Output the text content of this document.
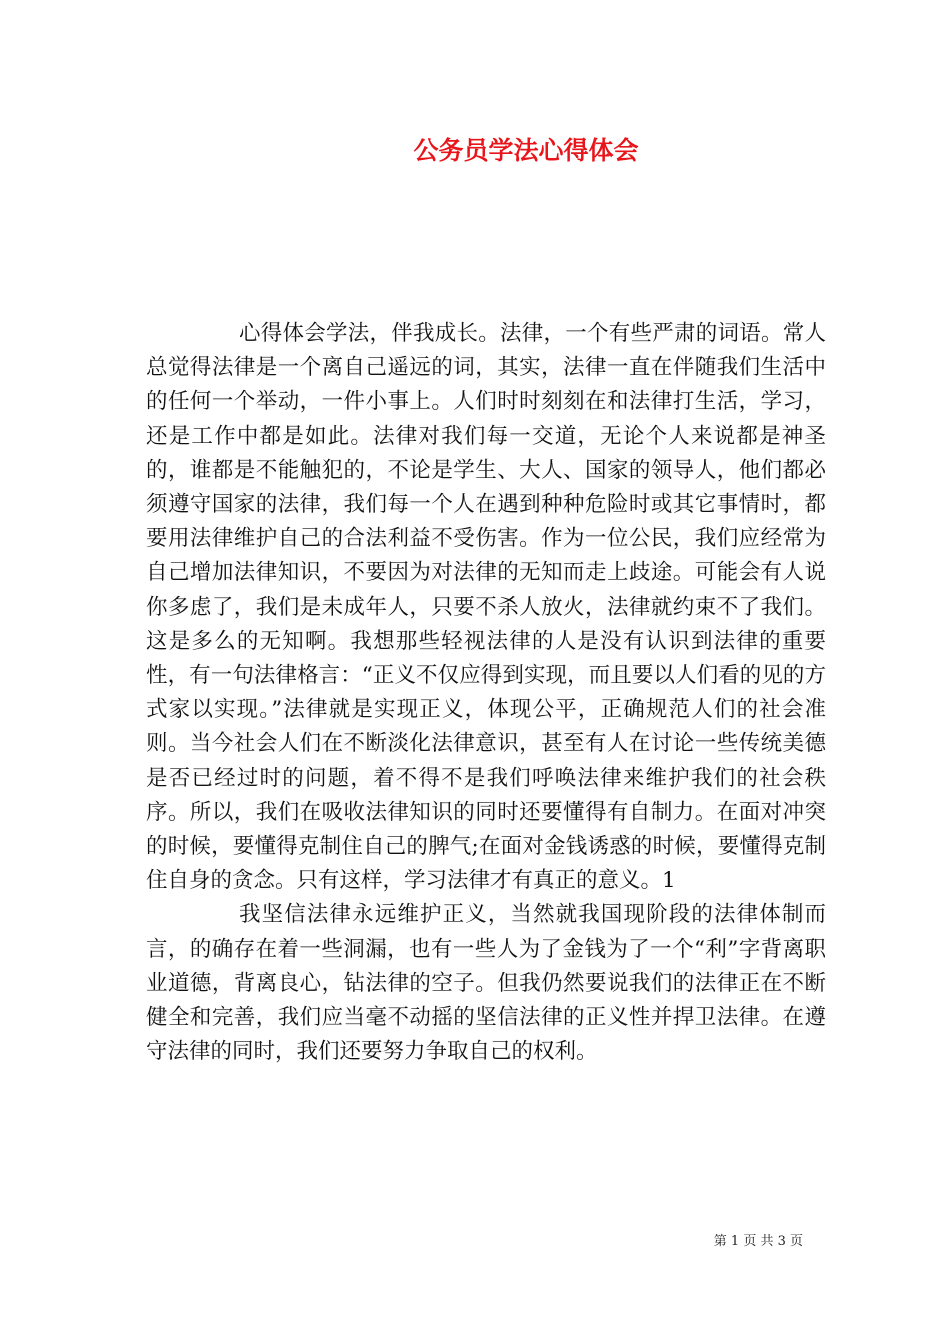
公务员学法心得体会

心得体会学法，伴我成长。法律，一个有些严肃的词语。常人总觉得法律是一个离自己遥远的词，其实，法律一直在伴随我们生活中的任何一个举动，一件小事上。人们时时刻刻在和法律打生活，学习，还是工作中都是如此。法律对我们每一交道，无论个人来说都是神圣的，谁都是不能触犯的，不论是学生、大人、国家的领导人，他们都必须遵守国家的法律，我们每一个人在遇到种种危险时或其它事情时，都要用法律维护自己的合法利益不受伤害。作为一位公民，我们应经常为自己增加法律知识，不要因为对法律的无知而走上歧途。可能会有人说你多虑了，我们是未成年人，只要不杀人放火，法律就约束不了我们。这是多么的无知啊。我想那些轻视法律的人是没有认识到法律的重要性，有一句法律格言：“正义不仅应得到实现，而且要以人们看的见的方式家以实现。”法律就是实现正义，体现公平，正确规范人们的社会准则。当今社会人们在不断淡化法律意识，甚至有人在讨论一些传统美德是否已经过时的问题，着不得不是我们呼唤法律来维护我们的社会秩序。所以，我们在吸收法律知识的同时还要懂得有自制力。在面对冲突的时候，要懂得克制住自己的脾气;在面对金钱诱惑的时候，要懂得克制住自身的贪念。只有这样，学习法律才有真正的意义。1

我坚信法律永远维护正义，当然就我国现阶段的法律体制而言，的确存在着一些洞漏，也有一些人为了金钱为了一个“利”字背离职业道德，背离良心，钻法律的空子。但我仍然要说我们的法律正在不断健全和完善，我们应当毫不动摇的坚信法律的正义性并捍卫法律。在遵守法律的同时，我们还要努力争取自己的权利。

第 1 页 共 3 页
